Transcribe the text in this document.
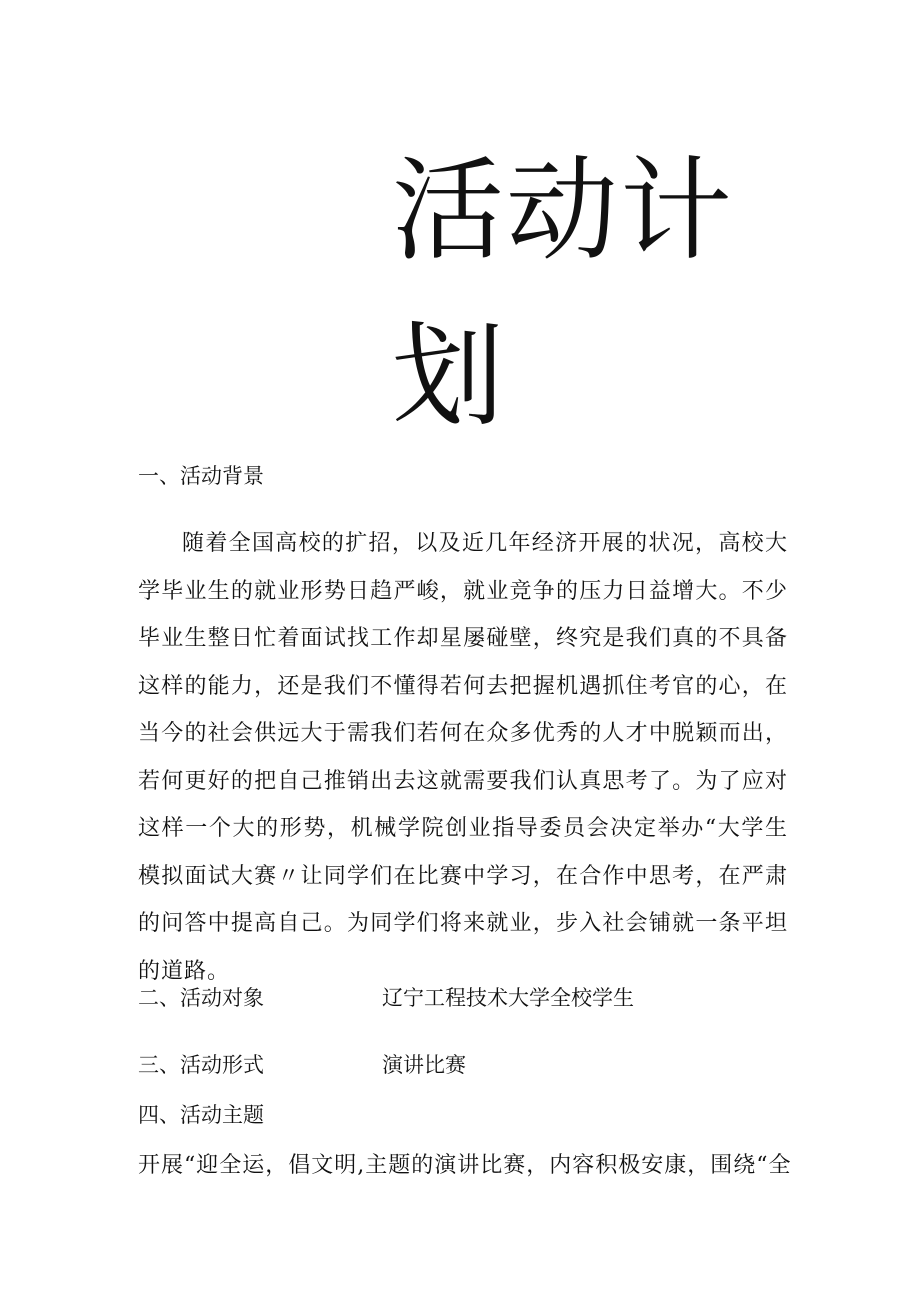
活动计划

一、活动背景

随着全国高校的扩招，以及近几年经济开展的状况，高校大学毕业生的就业形势日趋严峻，就业竞争的压力日益增大。不少毕业生整日忙着面试找工作却星屡碰壁，终究是我们真的不具备这样的能力，还是我们不懂得若何去把握机遇抓住考官的心，在当今的社会供远大于需我们若何在众多优秀的人才中脱颖而出，若何更好的把自己推销出去这就需要我们认真思考了。为了应对这样一个大的形势，机械学院创业指导委员会决定举办“大学生模拟面试大赛〃让同学们在比赛中学习，在合作中思考，在严肃的问答中提高自己。为同学们将来就业，步入社会铺就一条平坦的道路。

二、活动对象	辽宁工程技术大学全校学生
三、活动形式	演讲比赛

四、活动主题

开展“迎全运，倡文明,主题的演讲比赛，内容积极安康，围绕“全
